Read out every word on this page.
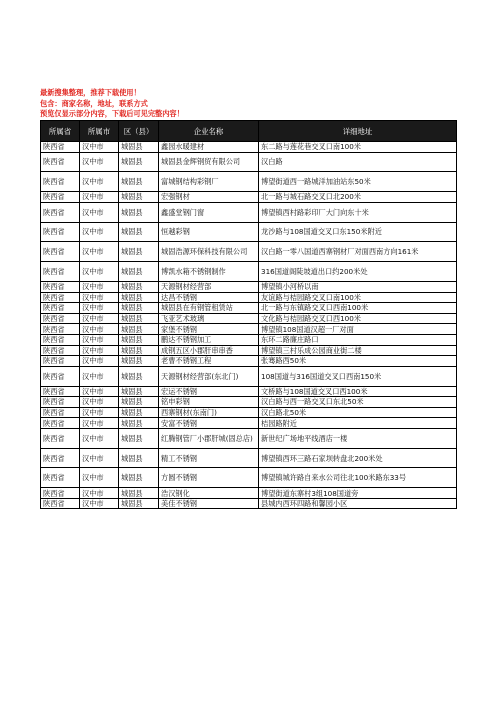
最新搜集整理，推荐下载使用！
包含：商家名称，地址，联系方式
预览仅显示部分内容，下载后可见完整内容！
所属省	所属市	区（县）	企业名称	详细地址
陕西省	汉中市	城固县	鑫园水暖建材	东二路与莲花巷交叉口南100米
陕西省	汉中市	城固县	城固县金辉钢贸有限公司	汉白路
陕西省	汉中市	城固县	富城钢结构彩钢厂	博望街道西一路城洋加油站东50米
陕西省	汉中市	城固县	宏强钢材	北一路与城石路交叉口北200米
陕西省	汉中市	城固县	鑫盛堂钢门窗	博望镇西村路彩印厂大门向东十米
陕西省	汉中市	城固县	恒越彩钢	龙沙路与108国道交叉口东150米附近
陕西省	汉中市	城固县	城固浩源环保科技有限公司	汉白路一零八国道西寨钢材厂对面西南方向161米
陕西省	汉中市	城固县	博凯水箱不锈钢制作	316国道阁陡坡道出口约200米处
陕西省	汉中市	城固县	天源钢材经营部	博望镇小河桥以南
陕西省	汉中市	城固县	达昌不锈钢	友谊路与桔园路交叉口南100米
陕西省	汉中市	城固县	城固县在有钢管租赁站	北一路与东镇路交叉口西南100米
陕西省	汉中市	城固县	飞亚艺术玻璃	文化路与桔园路交叉口西100米
陕西省	汉中市	城固县	家堡不锈钢	博望镇108国道汉超一厂对面
陕西省	汉中市	城固县	鹏达不锈钢加工	东环二路廉庄路口
陕西省	汉中市	城固县	成钢五区小郡肝串串香	博望镇三村乐成公园商业街二楼
陕西省	汉中市	城固县	老曹不锈钢工程	张骞路西50米
陕西省	汉中市	城固县	天源钢材经营部(东北门)	108国道与316国道交叉口西南150米
陕西省	汉中市	城固县	宏运不锈钢	文桥路与108国道交叉口西100米
陕西省	汉中市	城固县	铭申彩钢	汉白路与西一路交叉口东北50米
陕西省	汉中市	城固县	西寨钢材(东南门)	汉白路北50米
陕西省	汉中市	城固县	安富不锈钢	桔园路附近
陕西省	汉中市	城固县	红腾钢管厂小郡肝城(固总店)	新世纪广场地平线酒店一楼
陕西省	汉中市	城固县	精工不锈钢	博望镇西环三路石家坝转盘北200米处
陕西省	汉中市	城固县	方圆不锈钢	博望镇城许路自来水公司往北100米路东33号
陕西省	汉中市	城固县	浩汉钢化	博望街道东寨村3组108国道旁
陕西省	汉中市	城固县	美佳不锈钢	县城内西环四路和馨园小区
